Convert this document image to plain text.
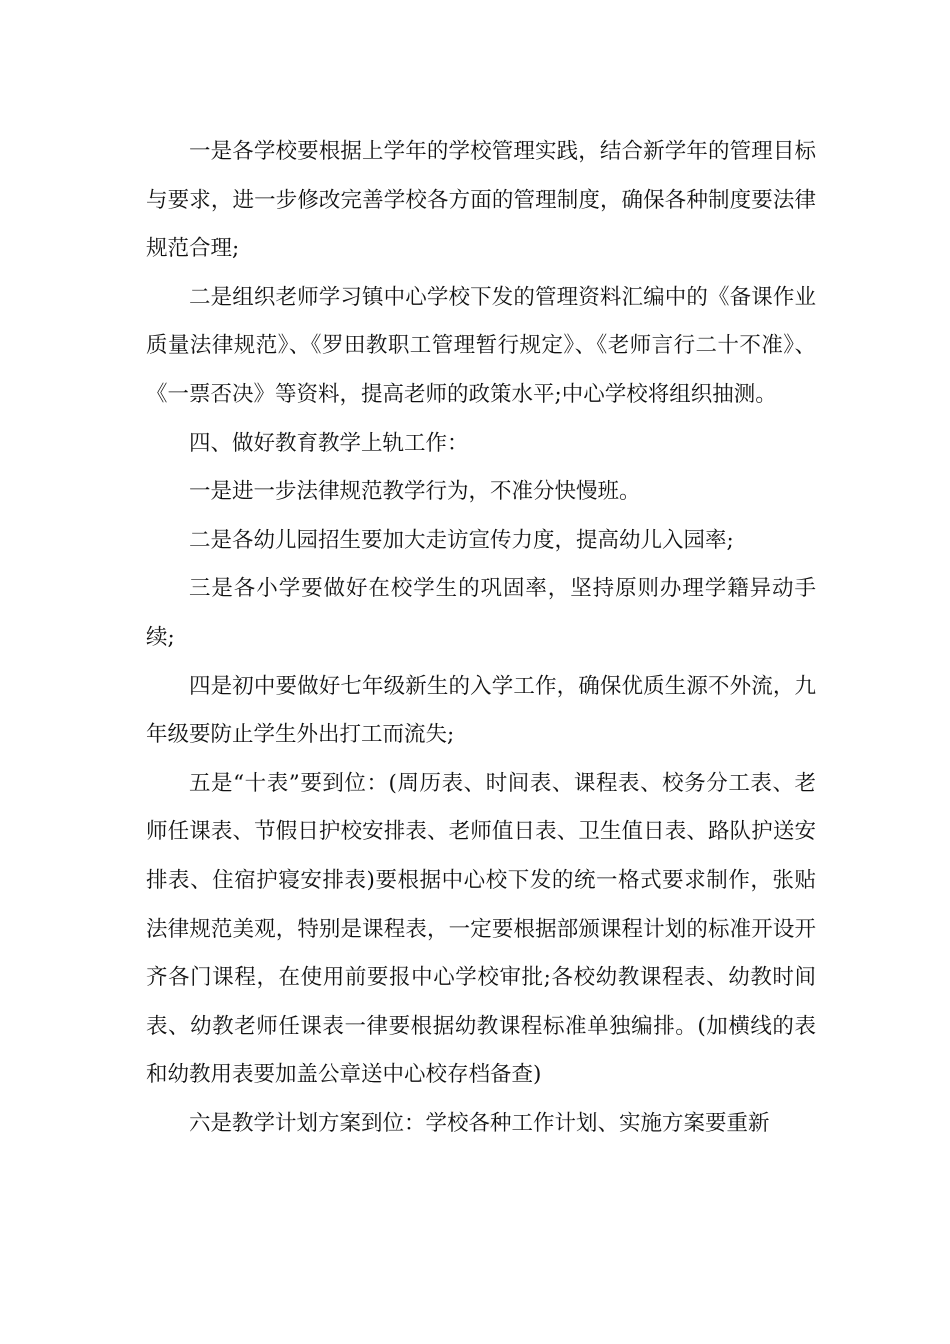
一是各学校要根据上学年的学校管理实践，结合新学年的管理目标与要求，进一步修改完善学校各方面的管理制度，确保各种制度要法律规范合理;

二是组织老师学习镇中心学校下发的管理资料汇编中的《备课作业质量法律规范》、《罗田教职工管理暂行规定》、《老师言行二十不准》、《一票否决》等资料，提高老师的政策水平;中心学校将组织抽测。

四、做好教育教学上轨工作：

一是进一步法律规范教学行为，不准分快慢班。

二是各幼儿园招生要加大走访宣传力度，提高幼儿入园率;

三是各小学要做好在校学生的巩固率，坚持原则办理学籍异动手续;

四是初中要做好七年级新生的入学工作，确保优质生源不外流，九年级要防止学生外出打工而流失;

五是“十表”要到位：(周历表、时间表、课程表、校务分工表、老师任课表、节假日护校安排表、老师值日表、卫生值日表、路队护送安排表、住宿护寝安排表)要根据中心校下发的统一格式要求制作，张贴法律规范美观，特别是课程表，一定要根据部颁课程计划的标准开设开齐各门课程，在使用前要报中心学校审批;各校幼教课程表、幼教时间表、幼教老师任课表一律要根据幼教课程标准单独编排。(加横线的表和幼教用表要加盖公章送中心校存档备查)

六是教学计划方案到位：学校各种工作计划、实施方案要重新
